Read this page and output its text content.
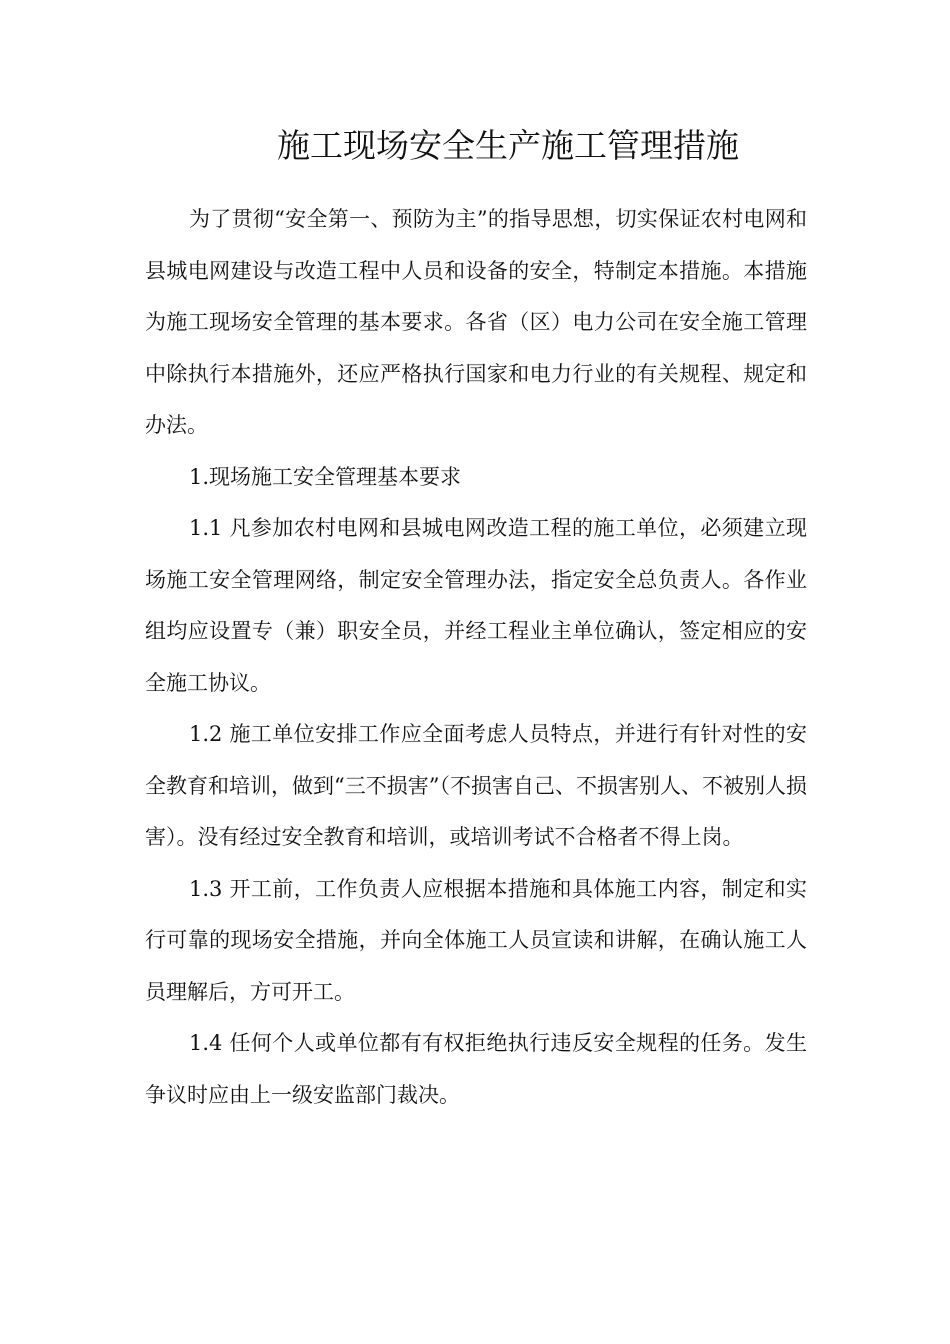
施工现场安全生产施工管理措施

为了贯彻“安全第一、预防为主”的指导思想，切实保证农村电网和县城电网建设与改造工程中人员和设备的安全，特制定本措施。本措施为施工现场安全管理的基本要求。各省（区）电力公司在安全施工管理中除执行本措施外，还应严格执行国家和电力行业的有关规程、规定和办法。

1.现场施工安全管理基本要求

1.1 凡参加农村电网和县城电网改造工程的施工单位，必须建立现场施工安全管理网络，制定安全管理办法，指定安全总负责人。各作业组均应设置专（兼）职安全员，并经工程业主单位确认，签定相应的安全施工协议。

1.2 施工单位安排工作应全面考虑人员特点，并进行有针对性的安全教育和培训，做到“三不损害”（不损害自己、不损害别人、不被别人损害）。没有经过安全教育和培训，或培训考试不合格者不得上岗。

1.3 开工前，工作负责人应根据本措施和具体施工内容，制定和实行可靠的现场安全措施，并向全体施工人员宣读和讲解，在确认施工人员理解后，方可开工。

1.4 任何个人或单位都有有权拒绝执行违反安全规程的任务。发生争议时应由上一级安监部门裁决。
